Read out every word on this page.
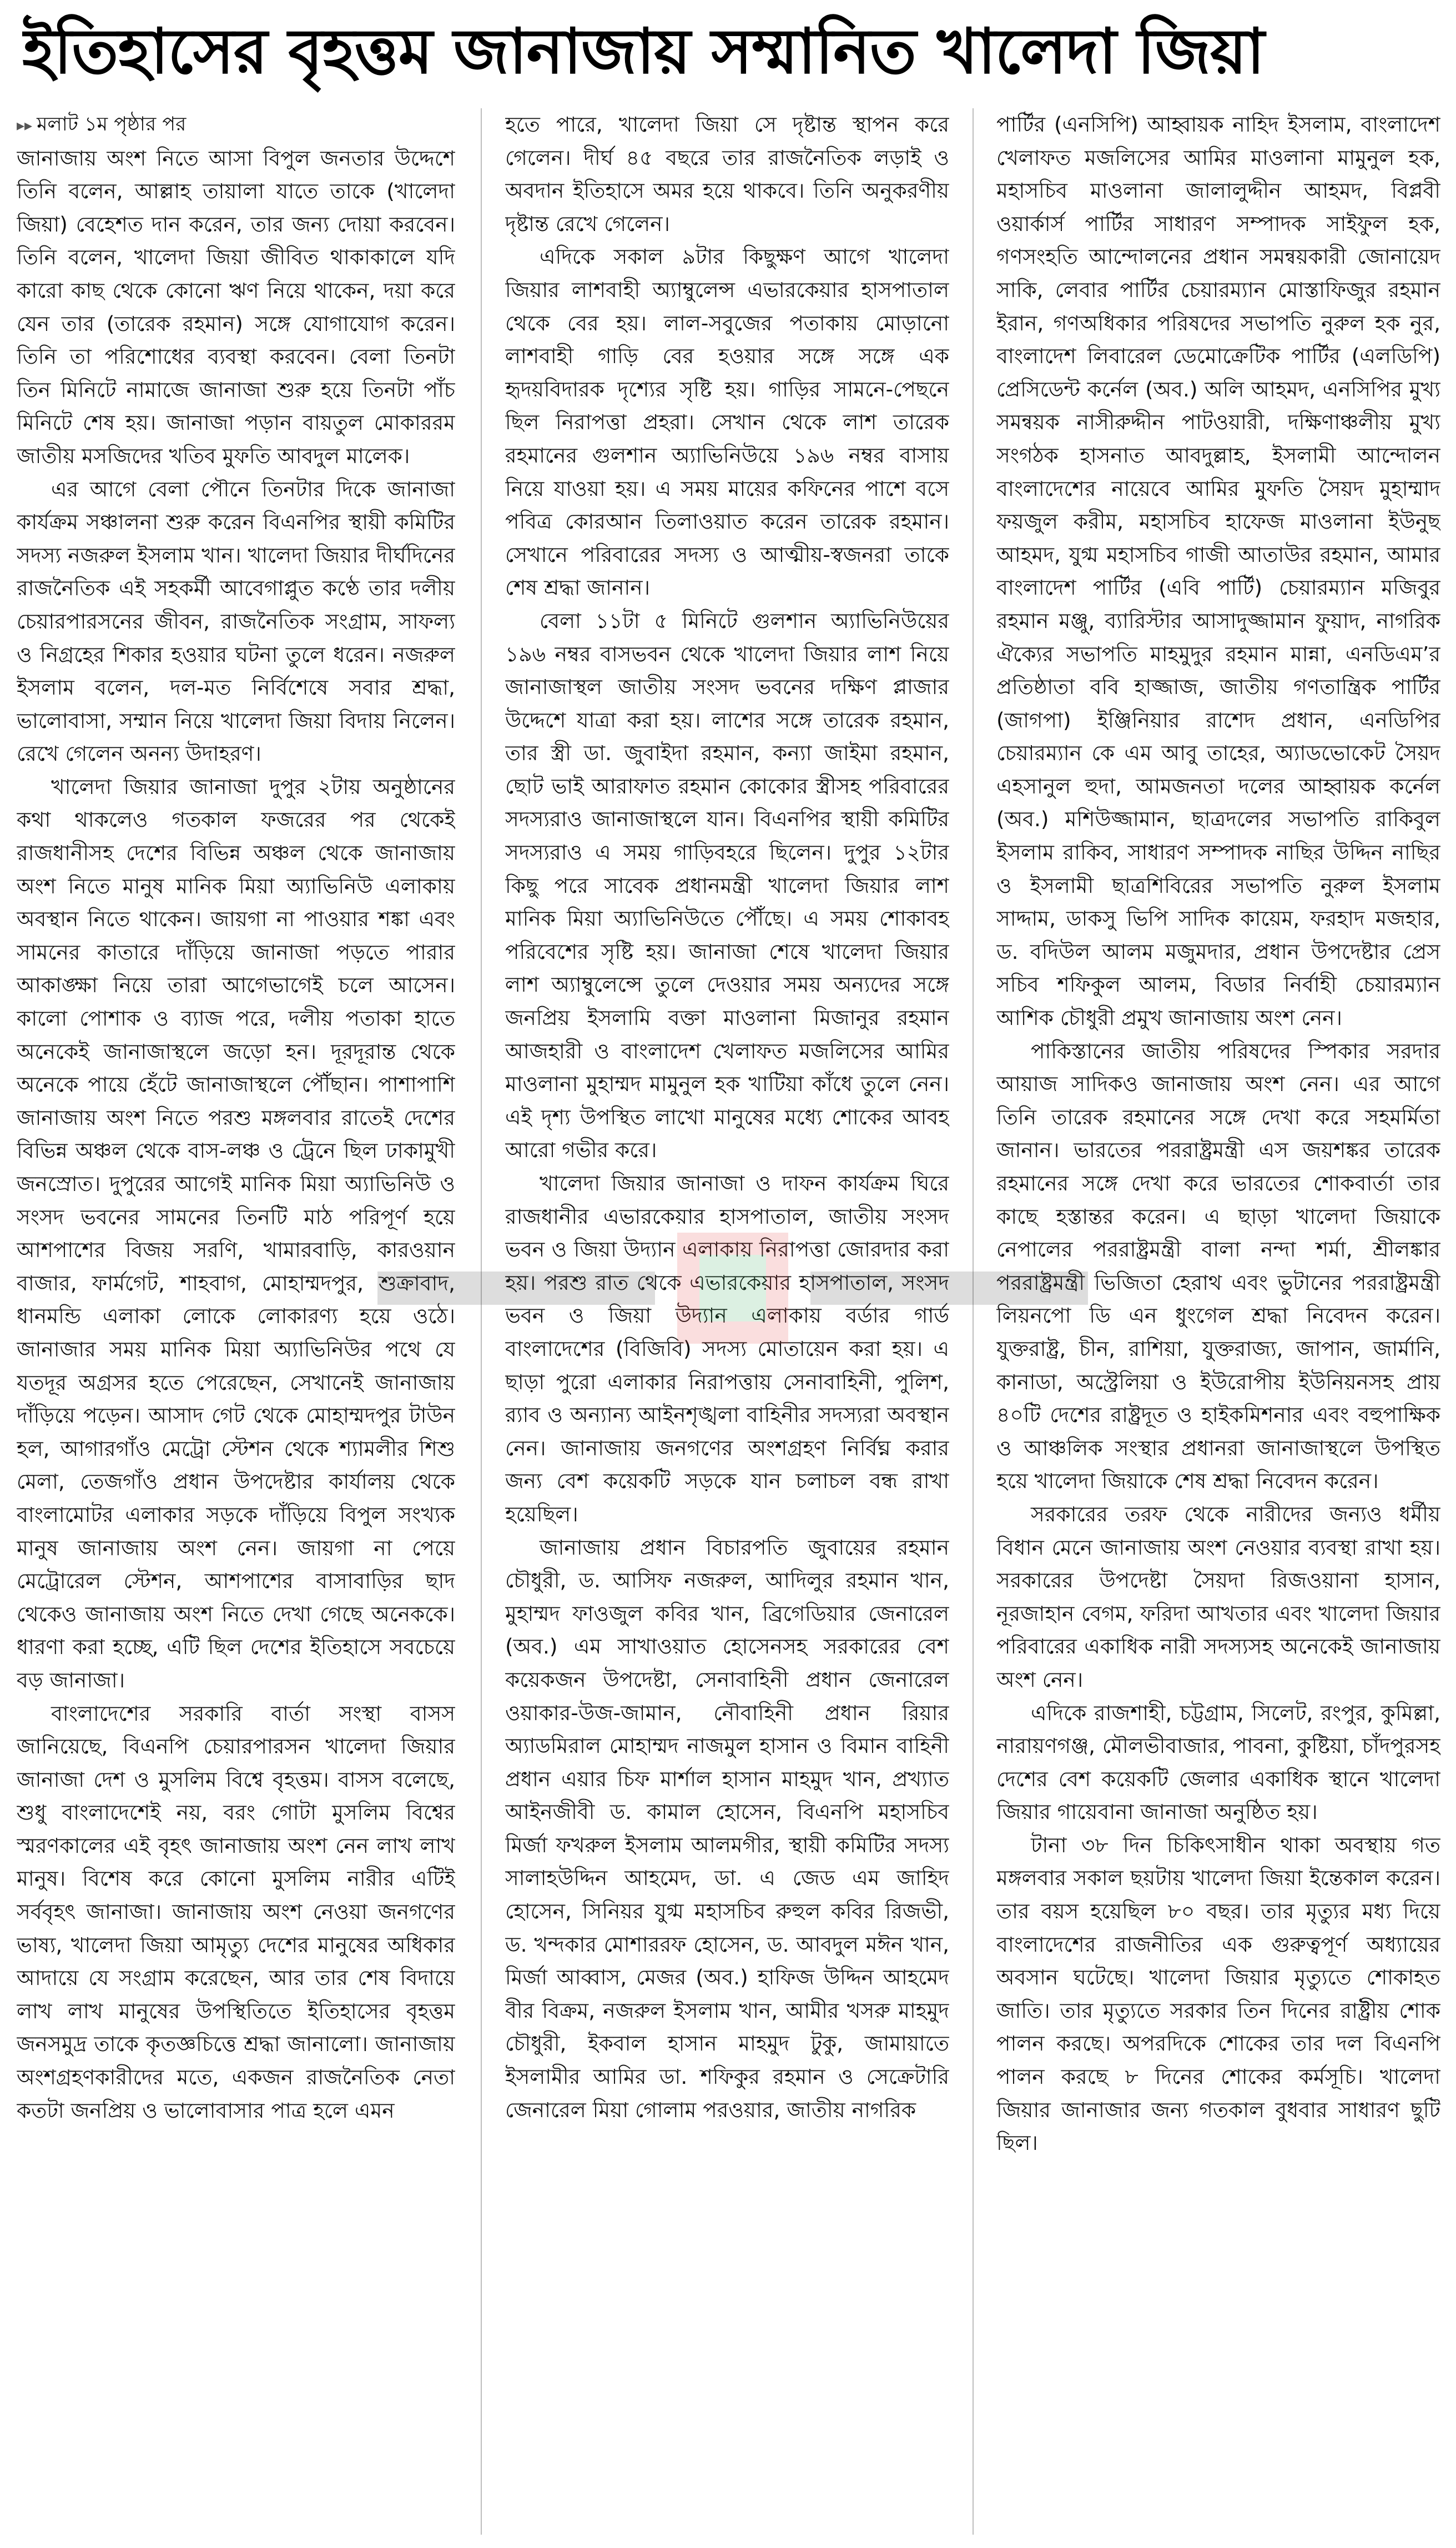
ইতিহাসের বৃহত্তম জানাজায় সম্মানিত খালেদা জিয়া
▸▸ মলাট ১ম পৃষ্ঠার পর

জানাজায় অংশ নিতে আসা বিপুল জনতার উদ্দেশে তিনি বলেন, আল্লাহ তায়ালা যাতে তাকে (খালেদা জিয়া) বেহেশত দান করেন, তার জন্য দোয়া করবেন। তিনি বলেন, খালেদা জিয়া জীবিত থাকাকালে যদি কারো কাছ থেকে কোনো ঋণ নিয়ে থাকেন, দয়া করে যেন তার (তারেক রহমান) সঙ্গে যোগাযোগ করেন। তিনি তা পরিশোধের ব্যবস্থা করবেন। বেলা তিনটা তিন মিনিটে নামাজে জানাজা শুরু হয়ে তিনটা পাঁচ মিনিটে শেষ হয়। জানাজা পড়ান বায়তুল মোকাররম জাতীয় মসজিদের খতিব মুফতি আবদুল মালেক।

এর আগে বেলা পৌনে তিনটার দিকে জানাজা কার্যক্রম সঞ্চালনা শুরু করেন বিএনপির স্থায়ী কমিটির সদস্য নজরুল ইসলাম খান। খালেদা জিয়ার দীর্ঘদিনের রাজনৈতিক এই সহকর্মী আবেগাপ্লুত কণ্ঠে তার দলীয় চেয়ারপারসনের জীবন, রাজনৈতিক সংগ্রাম, সাফল্য ও নিগ্রহের শিকার হওয়ার ঘটনা তুলে ধরেন। নজরুল ইসলাম বলেন, দল-মত নির্বিশেষে সবার শ্রদ্ধা, ভালোবাসা, সম্মান নিয়ে খালেদা জিয়া বিদায় নিলেন। রেখে গেলেন অনন্য উদাহরণ।

খালেদা জিয়ার জানাজা দুপুর ২টায় অনুষ্ঠানের কথা থাকলেও গতকাল ফজরের পর থেকেই রাজধানীসহ দেশের বিভিন্ন অঞ্চল থেকে জানাজায় অংশ নিতে মানুষ মানিক মিয়া অ্যাভিনিউ এলাকায় অবস্থান নিতে থাকেন। জায়গা না পাওয়ার শঙ্কা এবং সামনের কাতারে দাঁড়িয়ে জানাজা পড়তে পারার আকাঙ্ক্ষা নিয়ে তারা আগেভাগেই চলে আসেন। কালো পোশাক ও ব্যাজ পরে, দলীয় পতাকা হাতে অনেকেই জানাজাস্থলে জড়ো হন। দূরদূরান্ত থেকে অনেকে পায়ে হেঁটে জানাজাস্থলে পৌঁছান। পাশাপাশি জানাজায় অংশ নিতে পরশু মঙ্গলবার রাতেই দেশের বিভিন্ন অঞ্চল থেকে বাস-লঞ্চ ও ট্রেনে ছিল ঢাকামুখী জনস্রোত। দুপুরের আগেই মানিক মিয়া অ্যাভিনিউ ও সংসদ ভবনের সামনের তিনটি মাঠ পরিপূর্ণ হয়ে আশপাশের বিজয় সরণি, খামারবাড়ি, কারওয়ান বাজার, ফার্মগেট, শাহবাগ, মোহাম্মদপুর, শুক্রাবাদ, ধানমন্ডি এলাকা লোকে লোকারণ্য হয়ে ওঠে। জানাজার সময় মানিক মিয়া অ্যাভিনিউর পথে যে যতদূর অগ্রসর হতে পেরেছেন, সেখানেই জানাজায় দাঁড়িয়ে পড়েন। আসাদ গেট থেকে মোহাম্মদপুর টাউন হল, আগারগাঁও মেট্রো স্টেশন থেকে শ্যামলীর শিশু মেলা, তেজগাঁও প্রধান উপদেষ্টার কার্যালয় থেকে বাংলামোটর এলাকার সড়কে দাঁড়িয়ে বিপুল সংখ্যক মানুষ জানাজায় অংশ নেন। জায়গা না পেয়ে মেট্রোরেল স্টেশন, আশপাশের বাসাবাড়ির ছাদ থেকেও জানাজায় অংশ নিতে দেখা গেছে অনেককে। ধারণা করা হচ্ছে, এটি ছিল দেশের ইতিহাসে সবচেয়ে বড় জানাজা।

বাংলাদেশের সরকারি বার্তা সংস্থা বাসস জানিয়েছে, বিএনপি চেয়ারপারসন খালেদা জিয়ার জানাজা দেশ ও মুসলিম বিশ্বে বৃহত্তম। বাসস বলেছে, শুধু বাংলাদেশেই নয়, বরং গোটা মুসলিম বিশ্বের স্মরণকালের এই বৃহৎ জানাজায় অংশ নেন লাখ লাখ মানুষ। বিশেষ করে কোনো মুসলিম নারীর এটিই সর্ববৃহৎ জানাজা। জানাজায় অংশ নেওয়া জনগণের ভাষ্য, খালেদা জিয়া আমৃত্যু দেশের মানুষের অধিকার আদায়ে যে সংগ্রাম করেছেন, আর তার শেষ বিদায়ে লাখ লাখ মানুষের উপস্থিতিতে ইতিহাসের বৃহত্তম জনসমুদ্র তাকে কৃতজ্ঞচিত্তে শ্রদ্ধা জানালো। জানাজায় অংশগ্রহণকারীদের মতে, একজন রাজনৈতিক নেতা কতটা জনপ্রিয় ও ভালোবাসার পাত্র হলে এমন

হতে পারে, খালেদা জিয়া সে দৃষ্টান্ত স্থাপন করে গেলেন। দীর্ঘ ৪৫ বছরে তার রাজনৈতিক লড়াই ও অবদান ইতিহাসে অমর হয়ে থাকবে। তিনি অনুকরণীয় দৃষ্টান্ত রেখে গেলেন।

এদিকে সকাল ৯টার কিছুক্ষণ আগে খালেদা জিয়ার লাশবাহী অ্যাম্বুলেন্স এভারকেয়ার হাসপাতাল থেকে বের হয়। লাল-সবুজের পতাকায় মোড়ানো লাশবাহী গাড়ি বের হওয়ার সঙ্গে সঙ্গে এক হৃদয়বিদারক দৃশ্যের সৃষ্টি হয়। গাড়ির সামনে-পেছনে ছিল নিরাপত্তা প্রহরা। সেখান থেকে লাশ তারেক রহমানের গুলশান অ্যাভিনিউয়ে ১৯৬ নম্বর বাসায় নিয়ে যাওয়া হয়। এ সময় মায়ের কফিনের পাশে বসে পবিত্র কোরআন তিলাওয়াত করেন তারেক রহমান। সেখানে পরিবারের সদস্য ও আত্মীয়-স্বজনরা তাকে শেষ শ্রদ্ধা জানান।

বেলা ১১টা ৫ মিনিটে গুলশান অ্যাভিনিউয়ের ১৯৬ নম্বর বাসভবন থেকে খালেদা জিয়ার লাশ নিয়ে জানাজাস্থল জাতীয় সংসদ ভবনের দক্ষিণ প্লাজার উদ্দেশে যাত্রা করা হয়। লাশের সঙ্গে তারেক রহমান, তার স্ত্রী ডা. জুবাইদা রহমান, কন্যা জাইমা রহমান, ছোট ভাই আরাফাত রহমান কোকোর স্ত্রীসহ পরিবারের সদস্যরাও জানাজাস্থলে যান। বিএনপির স্থায়ী কমিটির সদস্যরাও এ সময় গাড়িবহরে ছিলেন। দুপুর ১২টার কিছু পরে সাবেক প্রধানমন্ত্রী খালেদা জিয়ার লাশ মানিক মিয়া অ্যাভিনিউতে পৌঁছে। এ সময় শোকাবহ পরিবেশের সৃষ্টি হয়। জানাজা শেষে খালেদা জিয়ার লাশ অ্যাম্বুলেন্সে তুলে দেওয়ার সময় অন্যদের সঙ্গে জনপ্রিয় ইসলামি বক্তা মাওলানা মিজানুর রহমান আজহারী ও বাংলাদেশ খেলাফত মজলিসের আমির মাওলানা মুহাম্মদ মামুনুল হক খাটিয়া কাঁধে তুলে নেন। এই দৃশ্য উপস্থিত লাখো মানুষের মধ্যে শোকের আবহ আরো গভীর করে।

খালেদা জিয়ার জানাজা ও দাফন কার্যক্রম ঘিরে রাজধানীর এভারকেয়ার হাসপাতাল, জাতীয় সংসদ ভবন ও জিয়া উদ্যান এলাকায় নিরাপত্তা জোরদার করা হয়। পরশু রাত থেকে এভারকেয়ার হাসপাতাল, সংসদ ভবন ও জিয়া উদ্যান এলাকায় বর্ডার গার্ড বাংলাদেশের (বিজিবি) সদস্য মোতায়েন করা হয়। এ ছাড়া পুরো এলাকার নিরাপত্তায় সেনাবাহিনী, পুলিশ, র‍্যাব ও অন্যান্য আইনশৃঙ্খলা বাহিনীর সদস্যরা অবস্থান নেন। জানাজায় জনগণের অংশগ্রহণ নির্বিঘ্ন করার জন্য বেশ কয়েকটি সড়কে যান চলাচল বন্ধ রাখা হয়েছিল।

জানাজায় প্রধান বিচারপতি জুবায়ের রহমান চৌধুরী, ড. আসিফ নজরুল, আদিলুর রহমান খান, মুহাম্মদ ফাওজুল কবির খান, ব্রিগেডিয়ার জেনারেল (অব.) এম সাখাওয়াত হোসেনসহ সরকারের বেশ কয়েকজন উপদেষ্টা, সেনাবাহিনী প্রধান জেনারেল ওয়াকার-উজ-জামান, নৌবাহিনী প্রধান রিয়ার অ্যাডমিরাল মোহাম্মদ নাজমুল হাসান ও বিমান বাহিনী প্রধান এয়ার চিফ মার্শাল হাসান মাহমুদ খান, প্রখ্যাত আইনজীবী ড. কামাল হোসেন, বিএনপি মহাসচিব মির্জা ফখরুল ইসলাম আলমগীর, স্থায়ী কমিটির সদস্য সালাহউদ্দিন আহমেদ, ডা. এ জেড এম জাহিদ হোসেন, সিনিয়র যুগ্ম মহাসচিব রুহুল কবির রিজভী, ড. খন্দকার মোশাররফ হোসেন, ড. আবদুল মঈন খান, মির্জা আব্বাস, মেজর (অব.) হাফিজ উদ্দিন আহমেদ বীর বিক্রম, নজরুল ইসলাম খান, আমীর খসরু মাহমুদ চৌধুরী, ইকবাল হাসান মাহমুদ টুকু, জামায়াতে ইসলামীর আমির ডা. শফিকুর রহমান ও সেক্রেটারি জেনারেল মিয়া গোলাম পরওয়ার, জাতীয় নাগরিক

পার্টির (এনসিপি) আহ্বায়ক নাহিদ ইসলাম, বাংলাদেশ খেলাফত মজলিসের আমির মাওলানা মামুনুল হক, মহাসচিব মাওলানা জালালুদ্দীন আহমদ, বিপ্লবী ওয়ার্কার্স পার্টির সাধারণ সম্পাদক সাইফুল হক, গণসংহতি আন্দোলনের প্রধান সমন্বয়কারী জোনায়েদ সাকি, লেবার পার্টির চেয়ারম্যান মোস্তাফিজুর রহমান ইরান, গণঅধিকার পরিষদের সভাপতি নুরুল হক নুর, বাংলাদেশ লিবারেল ডেমোক্রেটিক পার্টির (এলডিপি) প্রেসিডেন্ট কর্নেল (অব.) অলি আহমদ, এনসিপির মুখ্য সমন্বয়ক নাসীরুদ্দীন পাটওয়ারী, দক্ষিণাঞ্চলীয় মুখ্য সংগঠক হাসনাত আবদুল্লাহ, ইসলামী আন্দোলন বাংলাদেশের নায়েবে আমির মুফতি সৈয়দ মুহাম্মাদ ফয়জুল করীম, মহাসচিব হাফেজ মাওলানা ইউনুছ আহমদ, যুগ্ম মহাসচিব গাজী আতাউর রহমান, আমার বাংলাদেশ পার্টির (এবি পার্টি) চেয়ারম্যান মজিবুর রহমান মঞ্জু, ব্যারিস্টার আসাদুজ্জামান ফুয়াদ, নাগরিক ঐক্যের সভাপতি মাহমুদুর রহমান মান্না, এনডিএম’র প্রতিষ্ঠাতা ববি হাজ্জাজ, জাতীয় গণতান্ত্রিক পার্টির (জাগপা) ইঞ্জিনিয়ার রাশেদ প্রধান, এনডিপির চেয়ারম্যান কে এম আবু তাহের, অ্যাডভোকেট সৈয়দ এহসানুল হুদা, আমজনতা দলের আহ্বায়ক কর্নেল (অব.) মশিউজ্জামান, ছাত্রদলের সভাপতি রাকিবুল ইসলাম রাকিব, সাধারণ সম্পাদক নাছির উদ্দিন নাছির ও ইসলামী ছাত্রশিবিরের সভাপতি নুরুল ইসলাম সাদ্দাম, ডাকসু ভিপি সাদিক কায়েম, ফরহাদ মজহার, ড. বদিউল আলম মজুমদার, প্রধান উপদেষ্টার প্রেস সচিব শফিকুল আলম, বিডার নির্বাহী চেয়ারম্যান আশিক চৌধুরী প্রমুখ জানাজায় অংশ নেন।

পাকিস্তানের জাতীয় পরিষদের স্পিকার সরদার আয়াজ সাদিকও জানাজায় অংশ নেন। এর আগে তিনি তারেক রহমানের সঙ্গে দেখা করে সহমর্মিতা জানান। ভারতের পররাষ্ট্রমন্ত্রী এস জয়শঙ্কর তারেক রহমানের সঙ্গে দেখা করে ভারতের শোকবার্তা তার কাছে হস্তান্তর করেন। এ ছাড়া খালেদা জিয়াকে নেপালের পররাষ্ট্রমন্ত্রী বালা নন্দা শর্মা, শ্রীলঙ্কার পররাষ্ট্রমন্ত্রী ভিজিতা হেরাথ এবং ভুটানের পররাষ্ট্রমন্ত্রী লিয়নপো ডি এন ধুংগেল শ্রদ্ধা নিবেদন করেন। যুক্তরাষ্ট্র, চীন, রাশিয়া, যুক্তরাজ্য, জাপান, জার্মানি, কানাডা, অস্ট্রেলিয়া ও ইউরোপীয় ইউনিয়নসহ প্রায় ৪০টি দেশের রাষ্ট্রদূত ও হাইকমিশনার এবং বহুপাক্ষিক ও আঞ্চলিক সংস্থার প্রধানরা জানাজাস্থলে উপস্থিত হয়ে খালেদা জিয়াকে শেষ শ্রদ্ধা নিবেদন করেন।

সরকারের তরফ থেকে নারীদের জন্যও ধর্মীয় বিধান মেনে জানাজায় অংশ নেওয়ার ব্যবস্থা রাখা হয়। সরকারের উপদেষ্টা সৈয়দা রিজওয়ানা হাসান, নূরজাহান বেগম, ফরিদা আখতার এবং খালেদা জিয়ার পরিবারের একাধিক নারী সদস্যসহ অনেকেই জানাজায় অংশ নেন।

এদিকে রাজশাহী, চট্টগ্রাম, সিলেট, রংপুর, কুমিল্লা, নারায়ণগঞ্জ, মৌলভীবাজার, পাবনা, কুষ্টিয়া, চাঁদপুরসহ দেশের বেশ কয়েকটি জেলার একাধিক স্থানে খালেদা জিয়ার গায়েবানা জানাজা অনুষ্ঠিত হয়।

টানা ৩৮ দিন চিকিৎসাধীন থাকা অবস্থায় গত মঙ্গলবার সকাল ছয়টায় খালেদা জিয়া ইন্তেকাল করেন। তার বয়স হয়েছিল ৮০ বছর। তার মৃত্যুর মধ্য দিয়ে বাংলাদেশের রাজনীতির এক গুরুত্বপূর্ণ অধ্যায়ের অবসান ঘটেছে। খালেদা জিয়ার মৃত্যুতে শোকাহত জাতি। তার মৃত্যুতে সরকার তিন দিনের রাষ্ট্রীয় শোক পালন করছে। অপরদিকে শোকের তার দল বিএনপি পালন করছে ৮ দিনের শোকের কর্মসূচি। খালেদা জিয়ার জানাজার জন্য গতকাল বুধবার সাধারণ ছুটি ছিল।
